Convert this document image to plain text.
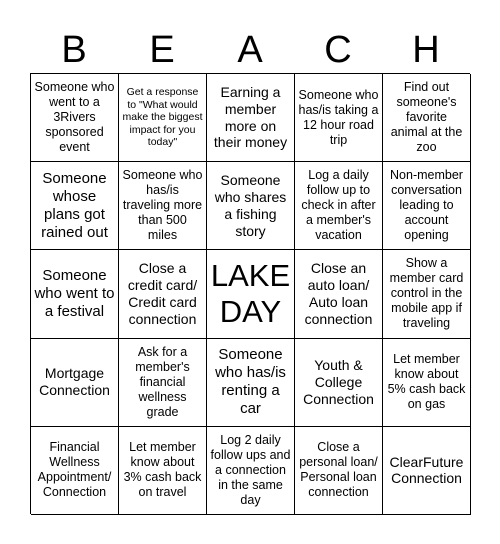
B	E	A	C	H
Someone who went to a 3Rivers sponsored event
Get a response to "What would make the biggest impact for you today"
Earning a member more on their money
Someone who has/is taking a 12 hour road trip
Find out someone's favorite animal at the zoo
Someone whose plans got rained out
Someone who has/is traveling more than 500 miles
Someone who shares a fishing story
Log a daily follow up to check in after a member's vacation
Non-member conversation leading to account opening
Someone who went to a festival
Close a credit card/ Credit card connection
LAKE DAY
Close an auto loan/ Auto loan connection
Show a member card control in the mobile app if traveling
Mortgage Connection
Ask for a member's financial wellness grade
Someone who has/is renting a car
Youth & College Connection
Let member know about 5% cash back on gas
Financial Wellness Appointment/ Connection
Let member know about 3% cash back on travel
Log 2 daily follow ups and a connection in the same day
Close a personal loan/ Personal loan connection
ClearFuture Connection
